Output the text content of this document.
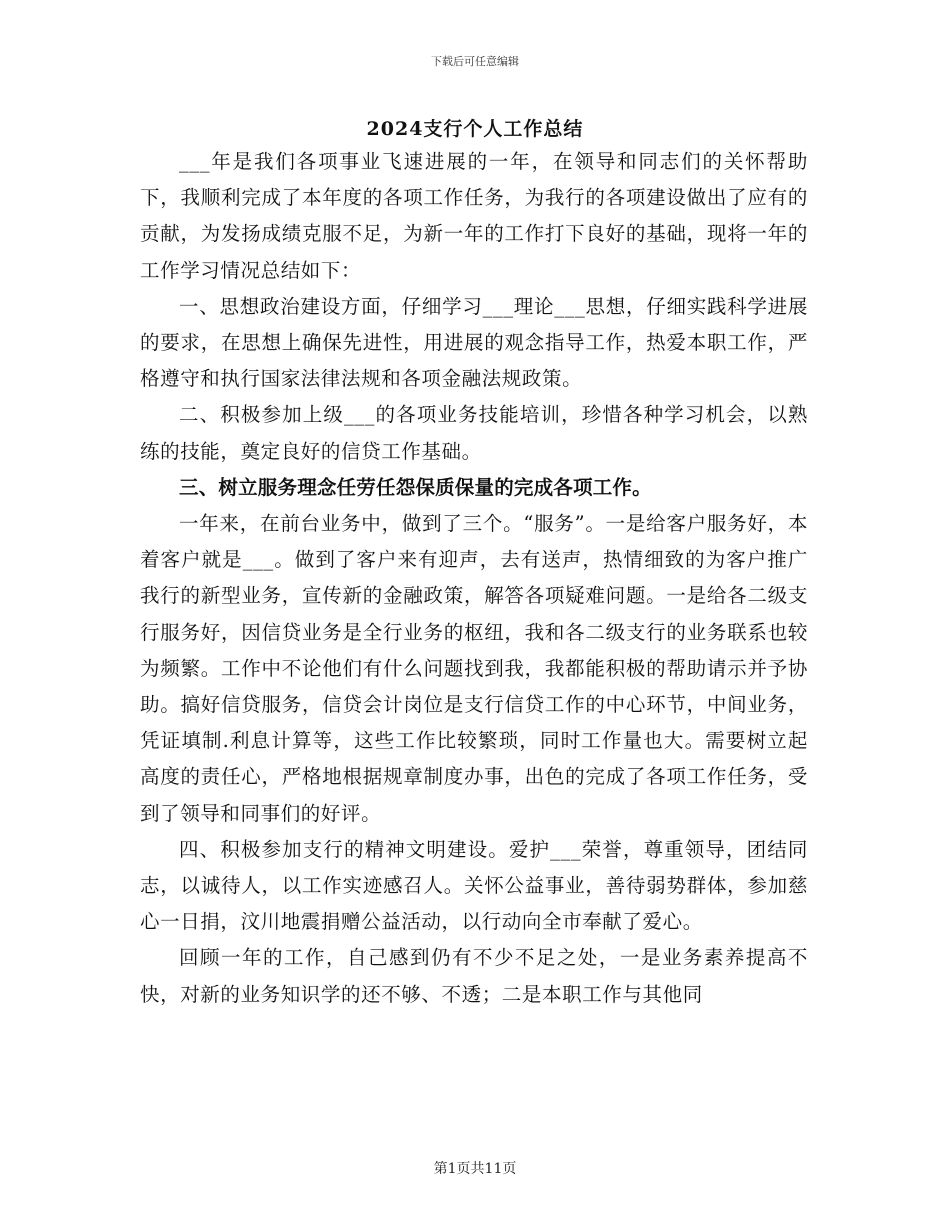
下载后可任意编辑
2024支行个人工作总结

___年是我们各项事业飞速进展的一年，在领导和同志们的关怀帮助下，我顺利完成了本年度的各项工作任务，为我行的各项建设做出了应有的贡献，为发扬成绩克服不足，为新一年的工作打下良好的基础，现将一年的工作学习情况总结如下：

一、思想政治建设方面，仔细学习___理论___思想，仔细实践科学进展的要求，在思想上确保先进性，用进展的观念指导工作，热爱本职工作，严格遵守和执行国家法律法规和各项金融法规政策。

二、积极参加上级___的各项业务技能培训，珍惜各种学习机会，以熟练的技能，奠定良好的信贷工作基础。

三、树立服务理念任劳任怨保质保量的完成各项工作。

一年来，在前台业务中，做到了三个。“服务”。一是给客户服务好，本着客户就是___。做到了客户来有迎声，去有送声，热情细致的为客户推广我行的新型业务，宣传新的金融政策，解答各项疑难问题。一是给各二级支行服务好，因信贷业务是全行业务的枢纽，我和各二级支行的业务联系也较为频繁。工作中不论他们有什么问题找到我，我都能积极的帮助请示并予协助。搞好信贷服务，信贷会计岗位是支行信贷工作的中心环节，中间业务，凭证填制.利息计算等，这些工作比较繁琐，同时工作量也大。需要树立起高度的责任心，严格地根据规章制度办事，出色的完成了各项工作任务，受到了领导和同事们的好评。

四、积极参加支行的精神文明建设。爱护___荣誉，尊重领导，团结同志，以诚待人，以工作实迹感召人。关怀公益事业，善待弱势群体，参加慈心一日捐，汶川地震捐赠公益活动，以行动向全市奉献了爱心。

回顾一年的工作，自己感到仍有不少不足之处，一是业务素养提高不快，对新的业务知识学的还不够、不透；二是本职工作与其他同

第1页共11页
